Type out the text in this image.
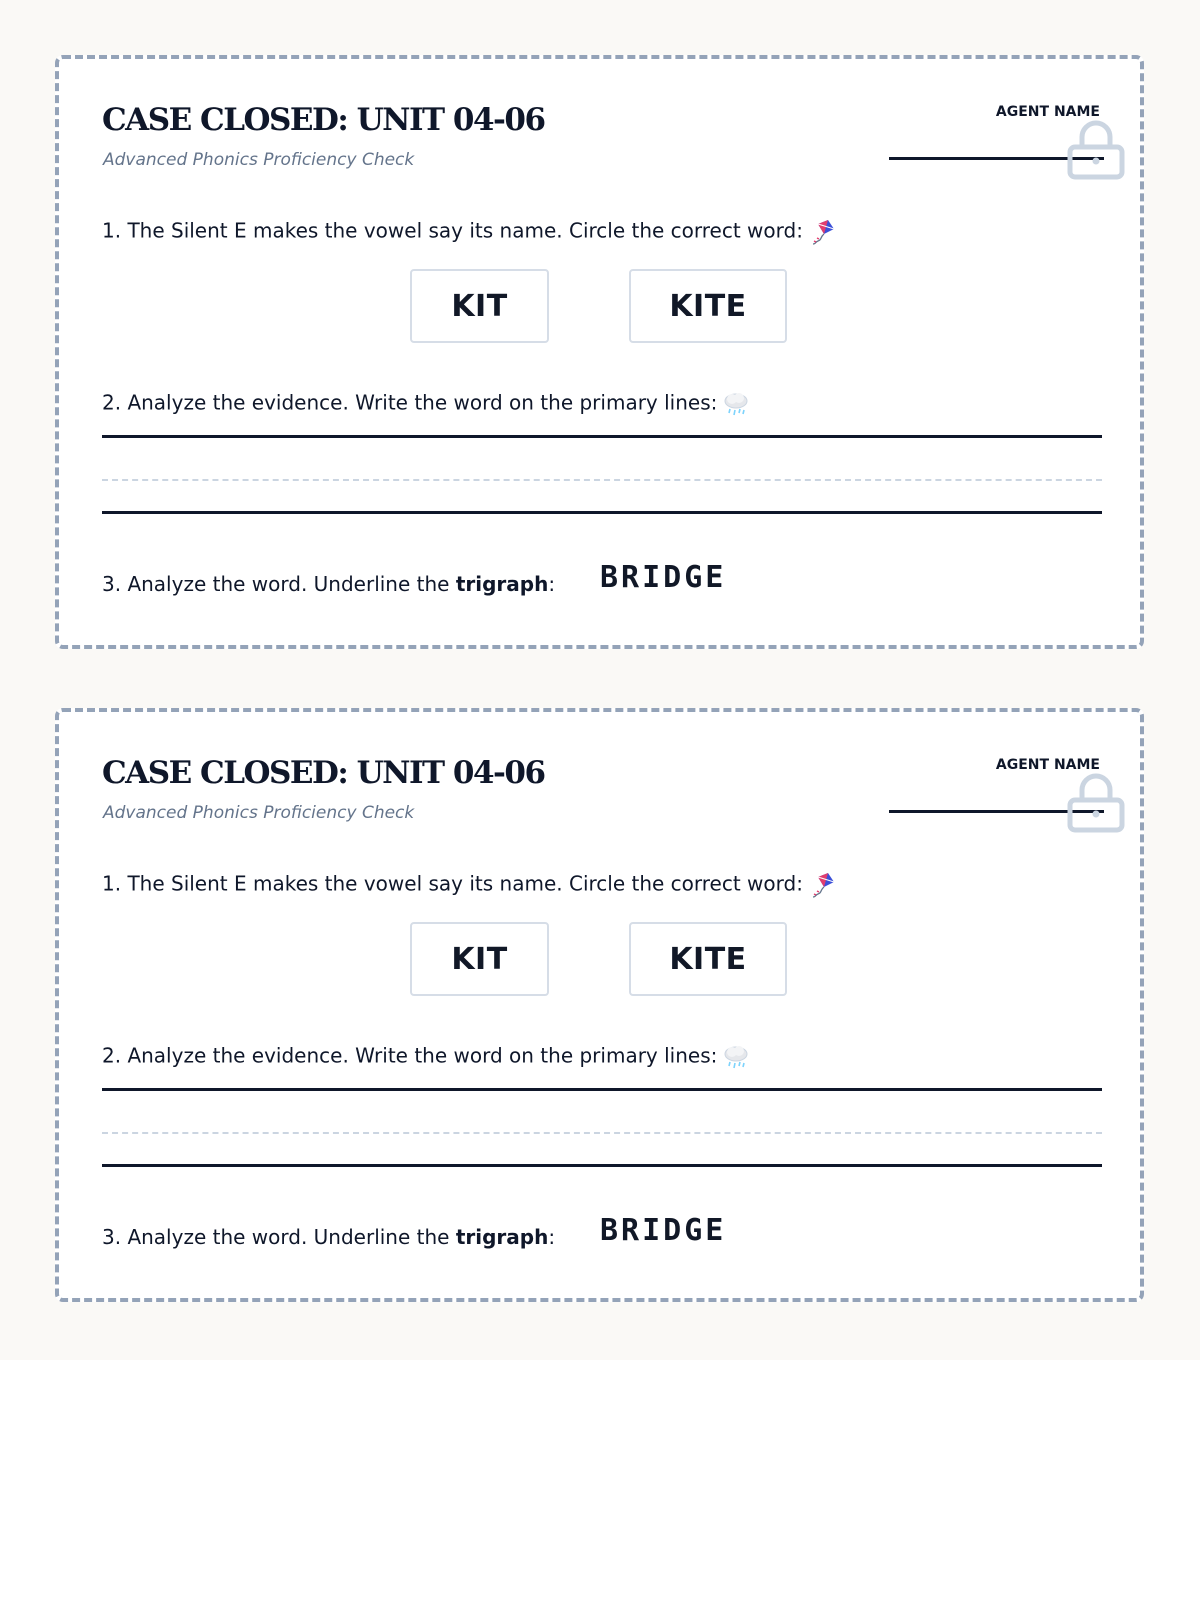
CASE CLOSED: UNIT 04-06
Advanced Phonics Proficiency Check
AGENT NAME
1. The Silent E makes the vowel say its name. Circle the correct word:
KIT	KITE
2. Analyze the evidence. Write the word on the primary lines:
3. Analyze the word. Underline the trigraph: BRIDGE
CASE CLOSED: UNIT 04-06
Advanced Phonics Proficiency Check
AGENT NAME
1. The Silent E makes the vowel say its name. Circle the correct word:
KIT	KITE
2. Analyze the evidence. Write the word on the primary lines:
3. Analyze the word. Underline the trigraph: BRIDGE
